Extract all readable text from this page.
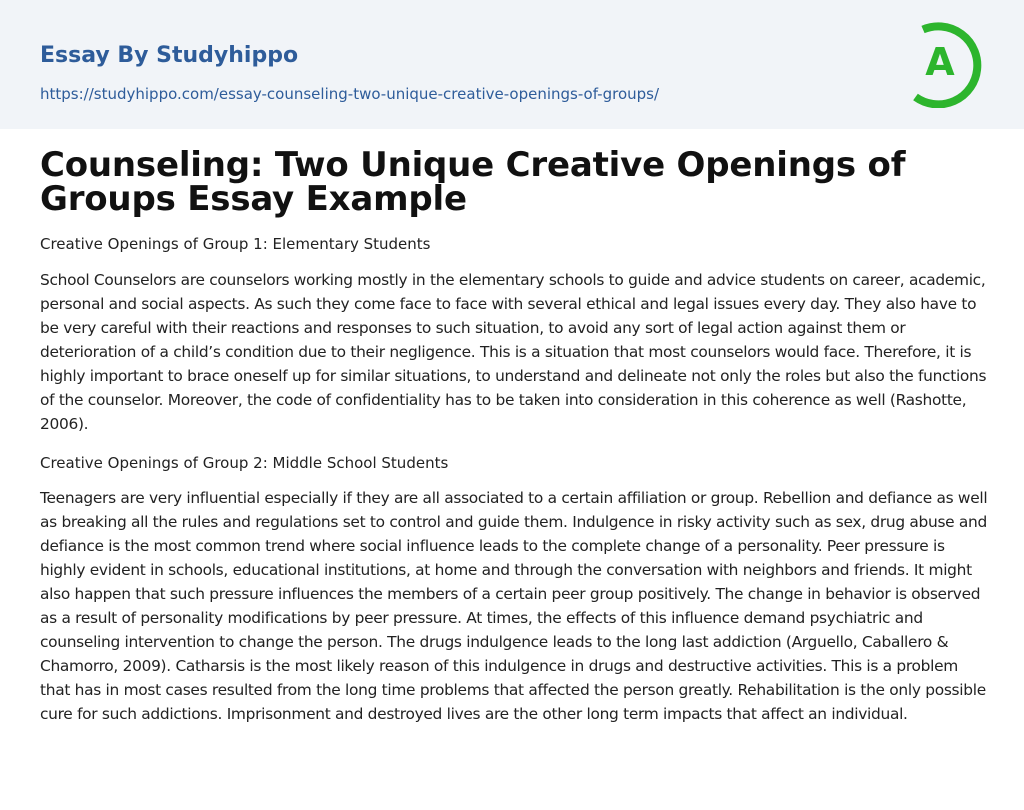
Essay By Studyhippo
https://studyhippo.com/essay-counseling-two-unique-creative-openings-of-groups/
A
Counseling: Two Unique Creative Openings of Groups Essay Example

Creative Openings of Group 1: Elementary Students

School Counselors are counselors working mostly in the elementary schools to guide and advice students on career, academic, personal and social aspects. As such they come face to face with several ethical and legal issues every day. They also have to be very careful with their reactions and responses to such situation, to avoid any sort of legal action against them or deterioration of a child’s condition due to their negligence. This is a situation that most counselors would face. Therefore, it is highly important to brace oneself up for similar situations, to understand and delineate not only the roles but also the functions of the counselor. Moreover, the code of confidentiality has to be taken into consideration in this coherence as well (Rashotte, 2006).

Creative Openings of Group 2: Middle School Students

Teenagers are very influential especially if they are all associated to a certain affiliation or group. Rebellion and defiance as well as breaking all the rules and regulations set to control and guide them. Indulgence in risky activity such as sex, drug abuse and defiance is the most common trend where social influence leads to the complete change of a personality. Peer pressure is highly evident in schools, educational institutions, at home and through the conversation with neighbors and friends. It might also happen that such pressure influences the members of a certain peer group positively. The change in behavior is observed as a result of personality modifications by peer pressure. At times, the effects of this influence demand psychiatric and counseling intervention to change the person. The drugs indulgence leads to the long last addiction (Arguello, Caballero & Chamorro, 2009). Catharsis is the most likely reason of this indulgence in drugs and destructive activities. This is a problem that has in most cases resulted from the long time problems that affected the person greatly. Rehabilitation is the only possible cure for such addictions. Imprisonment and destroyed lives are the other long term impacts that affect an individual.
